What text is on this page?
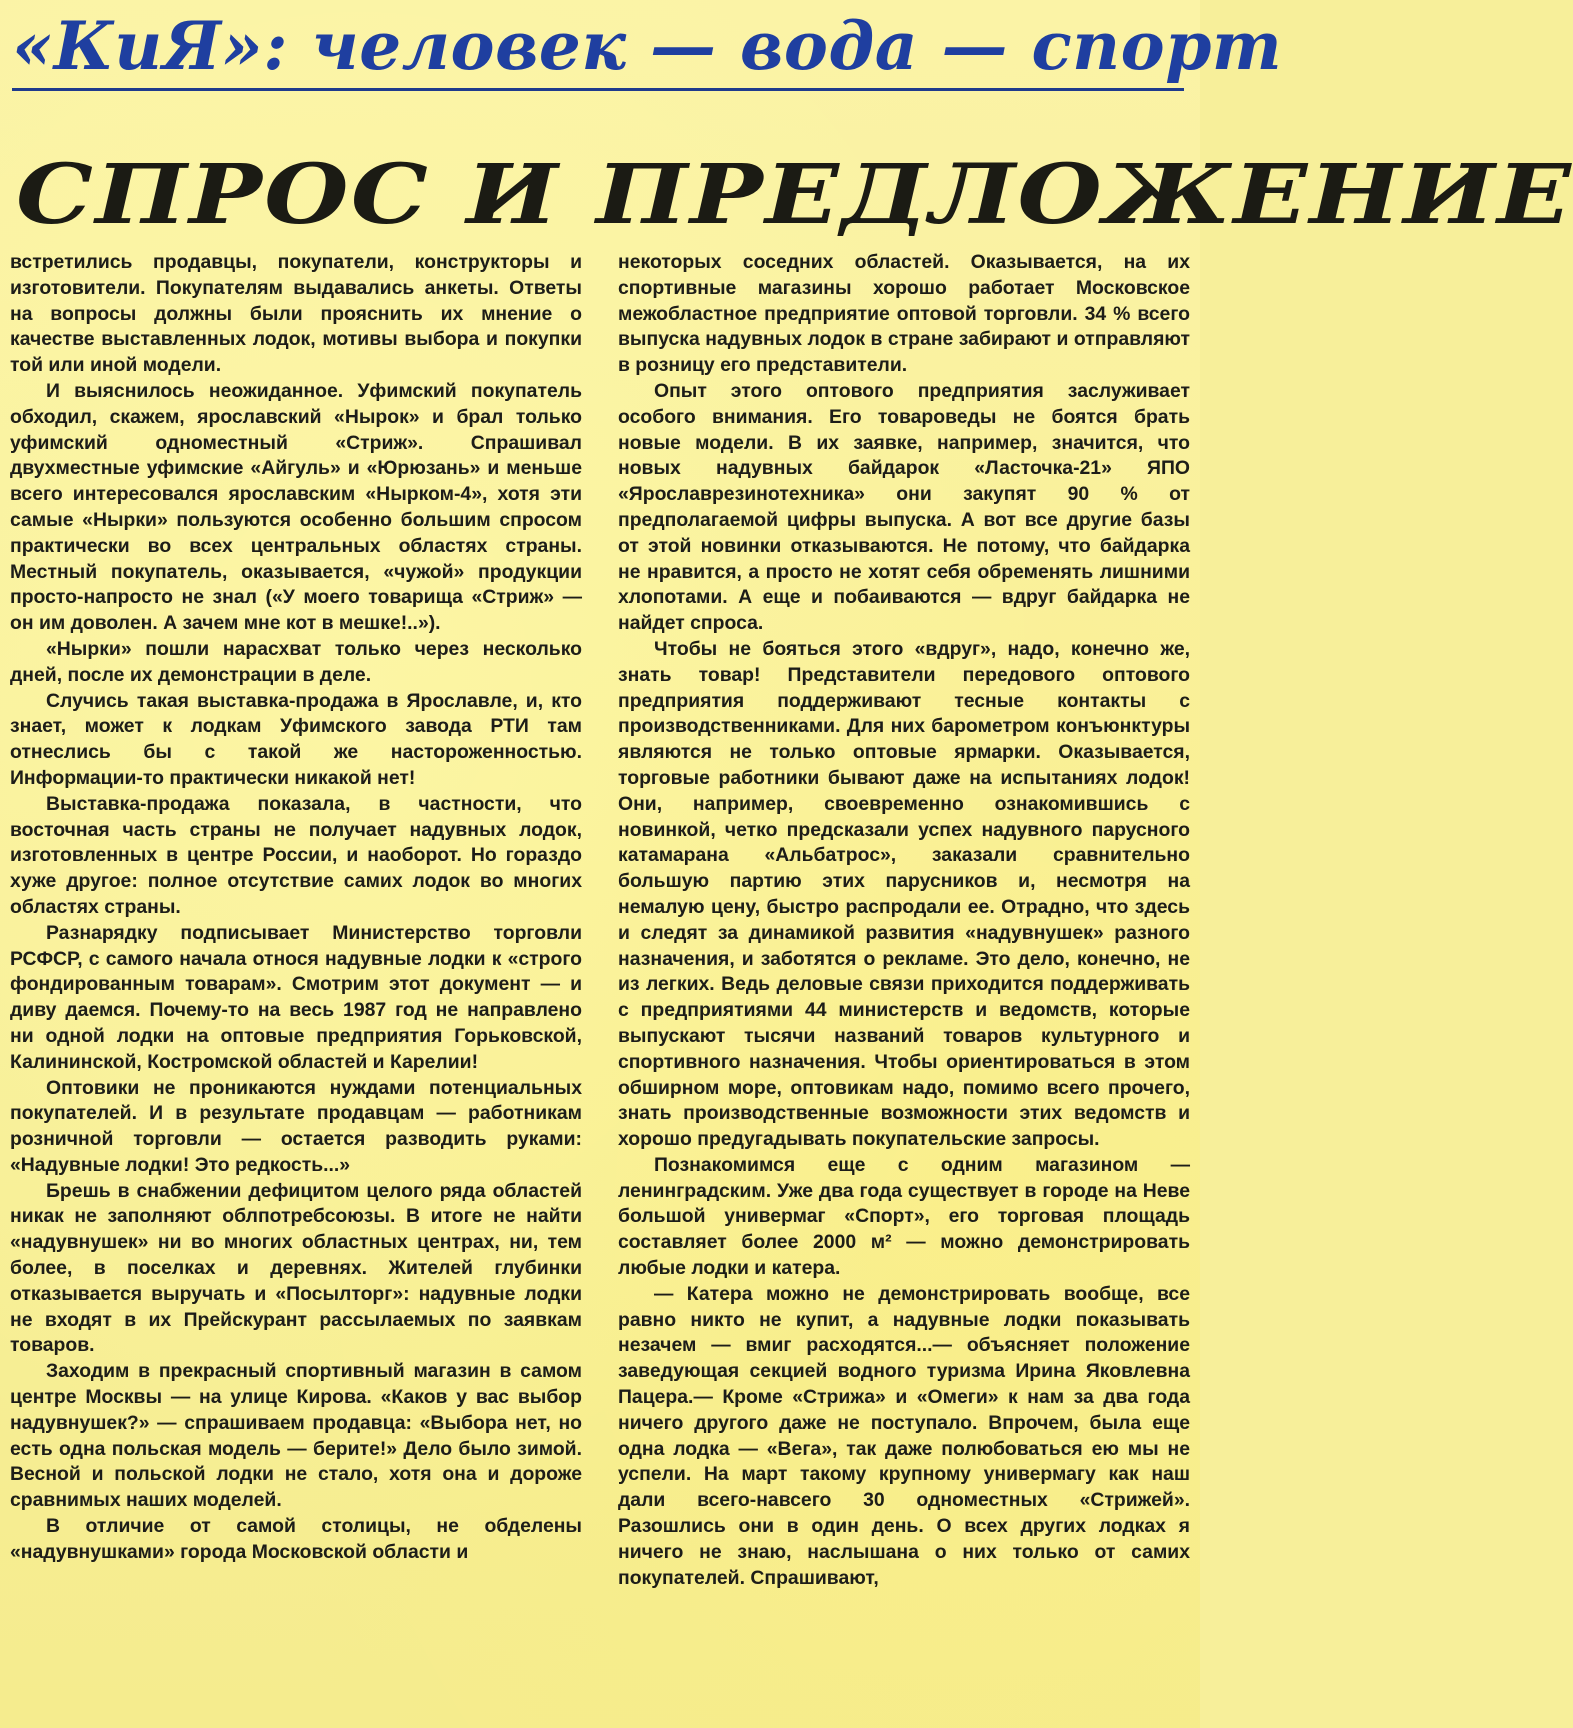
«КиЯ»: человек — вода — спорт
СПРОС И ПРЕДЛОЖЕНИЕ

встретились продавцы, покупатели, конструкторы и изготовители. Покупателям выдавались анкеты. Ответы на вопросы должны были прояснить их мнение о качестве выставленных лодок, мотивы выбора и покупки той или иной модели.

И выяснилось неожиданное. Уфимский покупатель обходил, скажем, ярославский «Нырок» и брал только уфимский одноместный «Стриж». Спрашивал двухместные уфимские «Айгуль» и «Юрюзань» и меньше всего интересовался ярославским «Нырком-4», хотя эти самые «Нырки» пользуются особенно большим спросом практически во всех центральных областях страны. Местный покупатель, оказывается, «чужой» продукции просто-напросто не знал («У моего товарища «Стриж» — он им доволен. А зачем мне кот в мешке!..»).

«Нырки» пошли нарасхват только через несколько дней, после их демонстрации в деле.

Случись такая выставка-продажа в Ярославле, и, кто знает, может к лодкам Уфимского завода РТИ там отнеслись бы с такой же настороженностью. Информации-то практически никакой нет!

Выставка-продажа показала, в частности, что восточная часть страны не получает надувных лодок, изготовленных в центре России, и наоборот. Но гораздо хуже другое: полное отсутствие самих лодок во многих областях страны.

Разнарядку подписывает Министерство торговли РСФСР, с самого начала относя надувные лодки к «строго фондированным товарам». Смотрим этот документ — и диву даемся. Почему-то на весь 1987 год не направлено ни одной лодки на оптовые предприятия Горьковской, Калининской, Костромской областей и Карелии!

Оптовики не проникаются нуждами потенциальных покупателей. И в результате продавцам — работникам розничной торговли — остается разводить руками: «Надувные лодки! Это редкость...»

Брешь в снабжении дефицитом целого ряда областей никак не заполняют облпотребсоюзы. В итоге не найти «надувнушек» ни во многих областных центрах, ни, тем более, в поселках и деревнях. Жителей глубинки отказывается выручать и «Посылторг»: надувные лодки не входят в их Прейскурант рассылаемых по заявкам товаров.

Заходим в прекрасный спортивный магазин в самом центре Москвы — на улице Кирова. «Каков у вас выбор надувнушек?» — спрашиваем продавца: «Выбора нет, но есть одна польская модель — берите!» Дело было зимой. Весной и польской лодки не стало, хотя она и дороже сравнимых наших моделей.

В отличие от самой столицы, не обделены «надувнушками» города Московской области и

некоторых соседних областей. Оказывается, на их спортивные магазины хорошо работает Московское межобластное предприятие оптовой торговли. 34 % всего выпуска надувных лодок в стране забирают и отправляют в розницу его представители.

Опыт этого оптового предприятия заслуживает особого внимания. Его товароведы не боятся брать новые модели. В их заявке, например, значится, что новых надувных байдарок «Ласточка-21» ЯПО «Ярославрезинотехника» они закупят 90 % от предполагаемой цифры выпуска. А вот все другие базы от этой новинки отказываются. Не потому, что байдарка не нравится, а просто не хотят себя обременять лишними хлопотами. А еще и побаиваются — вдруг байдарка не найдет спроса.

Чтобы не бояться этого «вдруг», надо, конечно же, знать товар! Представители передового оптового предприятия поддерживают тесные контакты с производственниками. Для них барометром конъюнктуры являются не только оптовые ярмарки. Оказывается, торговые работники бывают даже на испытаниях лодок! Они, например, своевременно ознакомившись с новинкой, четко предсказали успех надувного парусного катамарана «Альбатрос», заказали сравнительно большую партию этих парусников и, несмотря на немалую цену, быстро распродали ее. Отрадно, что здесь и следят за динамикой развития «надувнушек» разного назначения, и заботятся о рекламе. Это дело, конечно, не из легких. Ведь деловые связи приходится поддерживать с предприятиями 44 министерств и ведомств, которые выпускают тысячи названий товаров культурного и спортивного назначения. Чтобы ориентироваться в этом обширном море, оптовикам надо, помимо всего прочего, знать производственные возможности этих ведомств и хорошо предугадывать покупательские запросы.

Познакомимся еще с одним магазином — ленинградским. Уже два года существует в городе на Неве большой универмаг «Спорт», его торговая площадь составляет более 2000 м² — можно демонстрировать любые лодки и катера.

— Катера можно не демонстрировать вообще, все равно никто не купит, а надувные лодки показывать незачем — вмиг расходятся...— объясняет положение заведующая секцией водного туризма Ирина Яковлевна Пацера.— Кроме «Стрижа» и «Омеги» к нам за два года ничего другого даже не поступало. Впрочем, была еще одна лодка — «Вега», так даже полюбоваться ею мы не успели. На март такому крупному универмагу как наш дали всего-навсего 30 одноместных «Стрижей». Разошлись они в один день. О всех других лодках я ничего не знаю, наслышана о них только от самих покупателей. Спрашивают,
